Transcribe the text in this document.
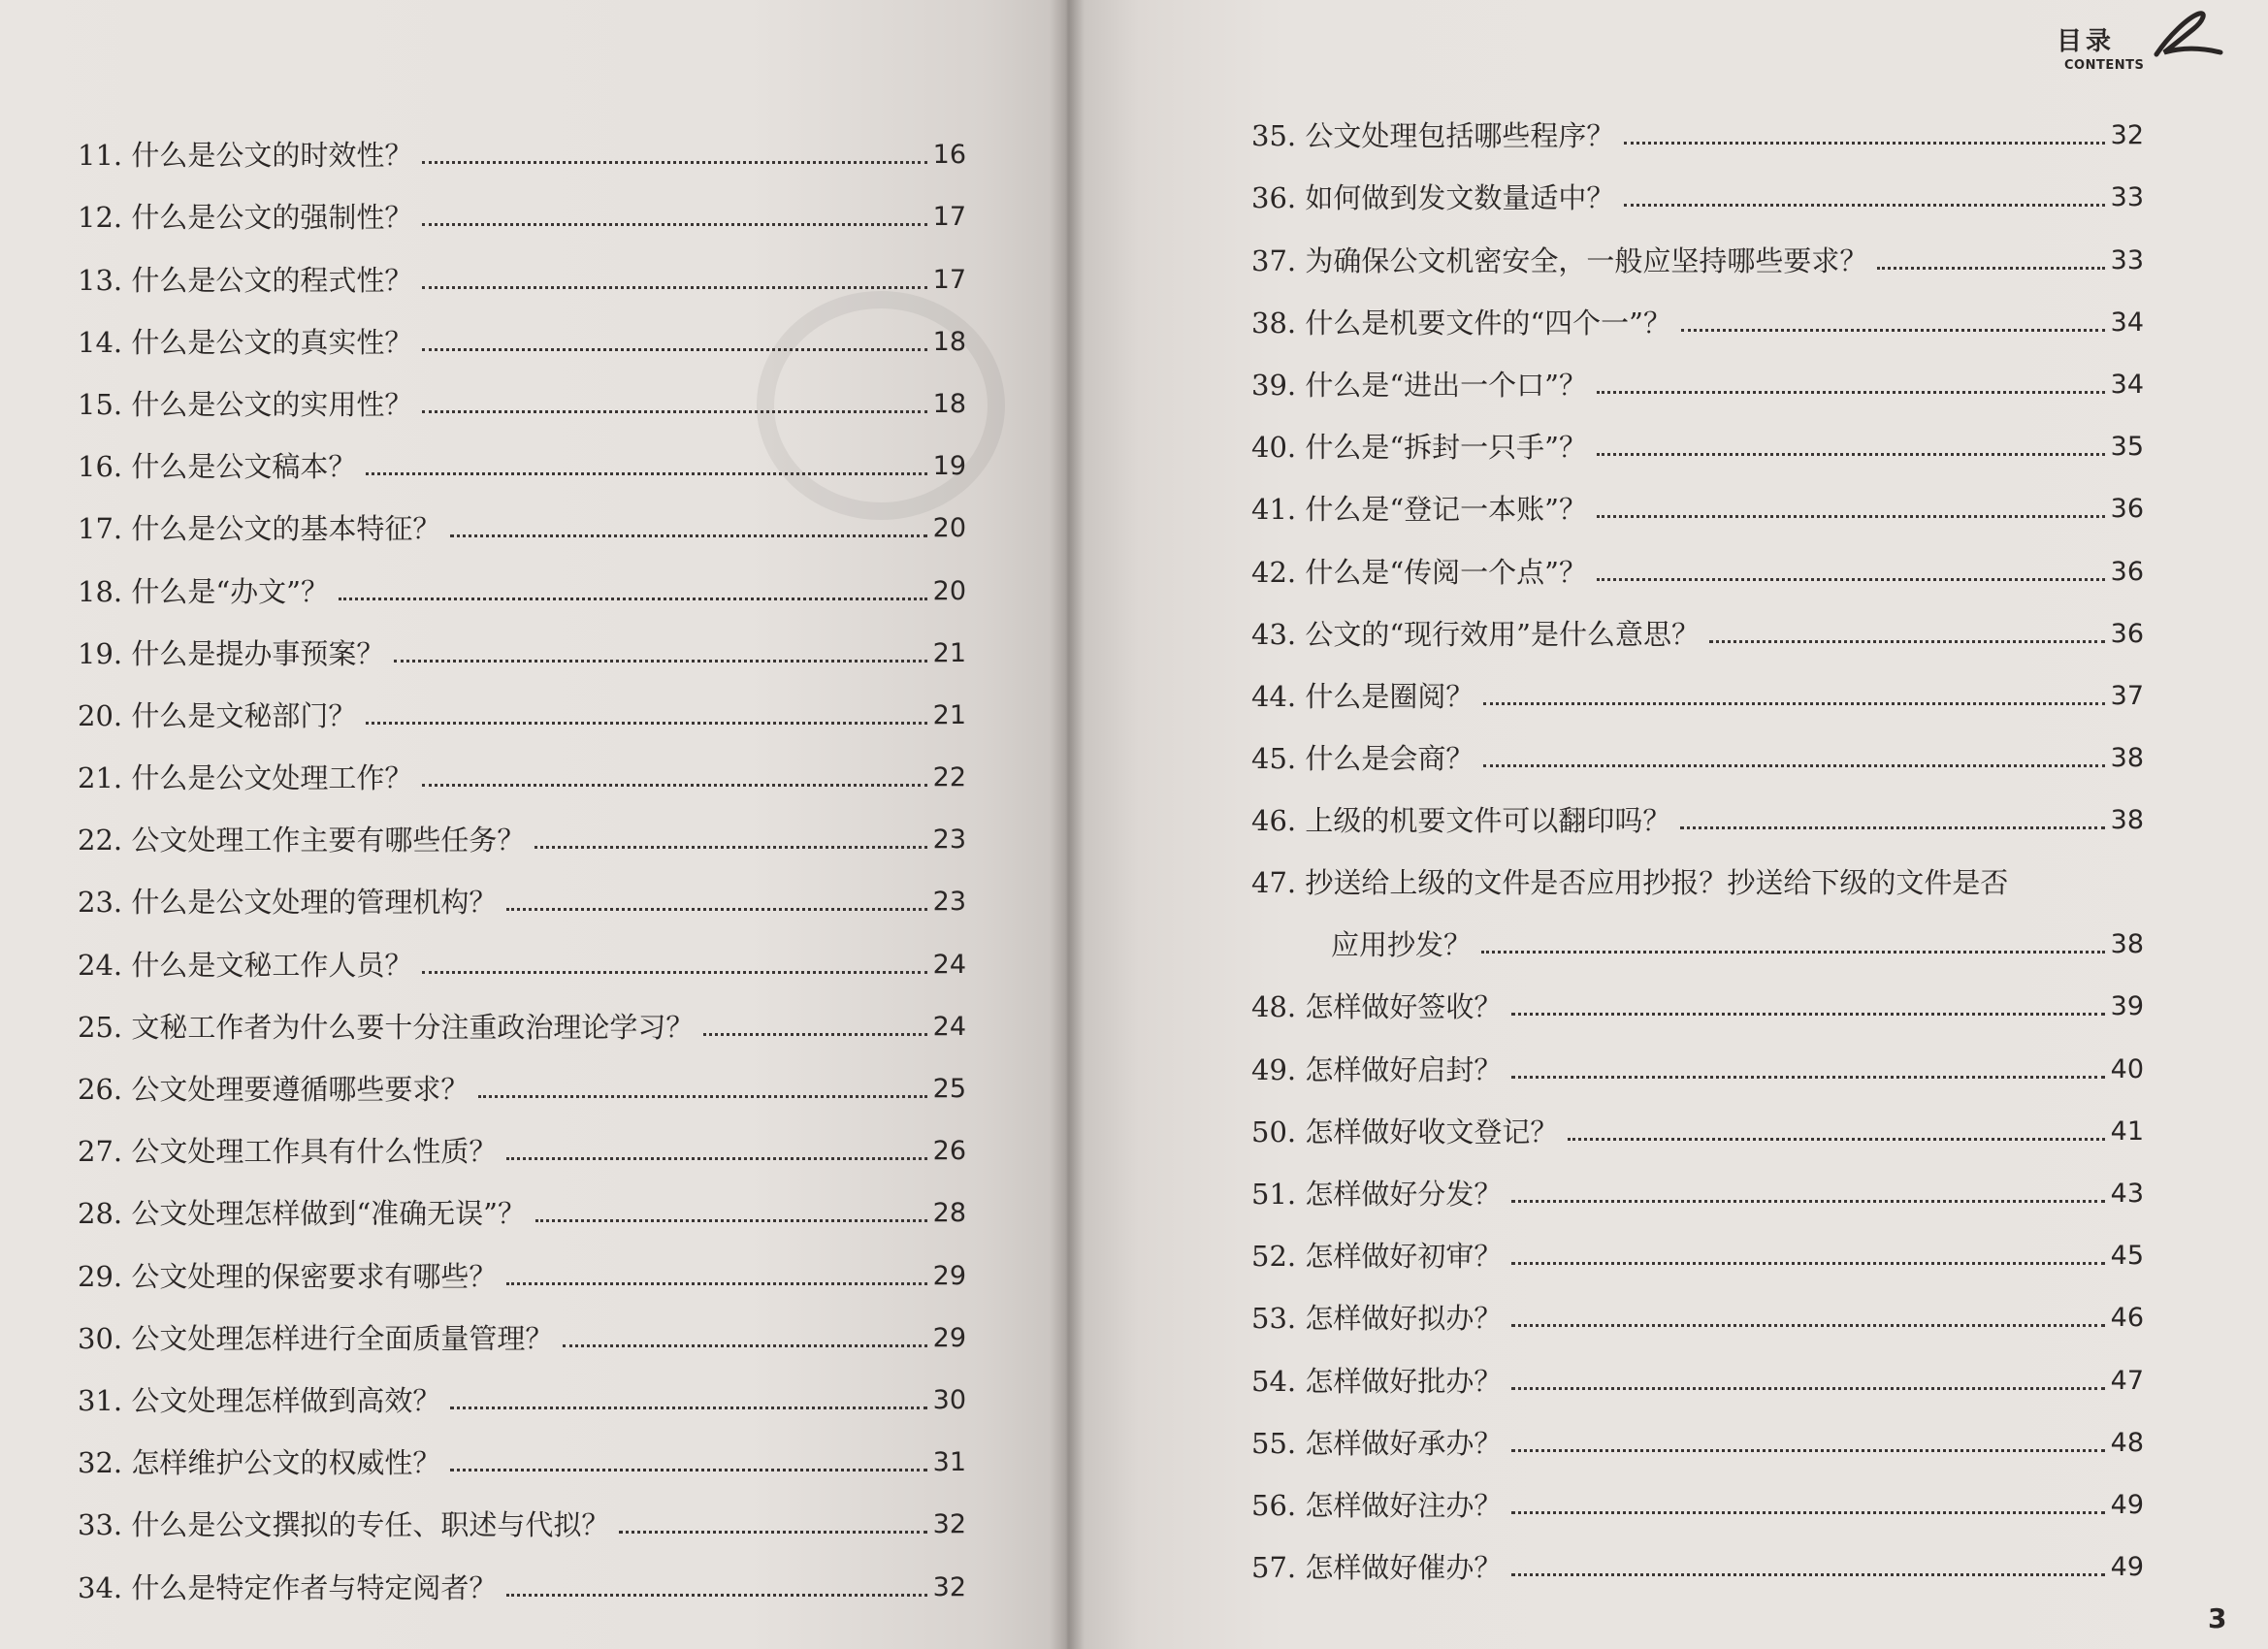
11. 什么是公文的时效性？	16
12. 什么是公文的强制性？	17
13. 什么是公文的程式性？	17
14. 什么是公文的真实性？	18
15. 什么是公文的实用性？	18
16. 什么是公文稿本？	19
17. 什么是公文的基本特征？	20
18. 什么是“办文”？	20
19. 什么是提办事预案？	21
20. 什么是文秘部门？	21
21. 什么是公文处理工作？	22
22. 公文处理工作主要有哪些任务？	23
23. 什么是公文处理的管理机构？	23
24. 什么是文秘工作人员？	24
25. 文秘工作者为什么要十分注重政治理论学习？	24
26. 公文处理要遵循哪些要求？	25
27. 公文处理工作具有什么性质？	26
28. 公文处理怎样做到“准确无误”？	28
29. 公文处理的保密要求有哪些？	29
30. 公文处理怎样进行全面质量管理？	29
31. 公文处理怎样做到高效？	30
32. 怎样维护公文的权威性？	31
33. 什么是公文撰拟的专任、职述与代拟？	32
34. 什么是特定作者与特定阅者？	32
35. 公文处理包括哪些程序？	32
36. 如何做到发文数量适中？	33
37. 为确保公文机密安全，一般应坚持哪些要求？	33
38. 什么是机要文件的“四个一”？	34
39. 什么是“进出一个口”？	34
40. 什么是“拆封一只手”？	35
41. 什么是“登记一本账”？	36
42. 什么是“传阅一个点”？	36
43. 公文的“现行效用”是什么意思？	36
44. 什么是圈阅？	37
45. 什么是会商？	38
46. 上级的机要文件可以翻印吗？	38
47. 抄送给上级的文件是否应用抄报？抄送给下级的文件是否
应用抄发？	38
48. 怎样做好签收？	39
49. 怎样做好启封？	40
50. 怎样做好收文登记？	41
51. 怎样做好分发？	43
52. 怎样做好初审？	45
53. 怎样做好拟办？	46
54. 怎样做好批办？	47
55. 怎样做好承办？	48
56. 怎样做好注办？	49
57. 怎样做好催办？	49
目录
CONTENTS
3
